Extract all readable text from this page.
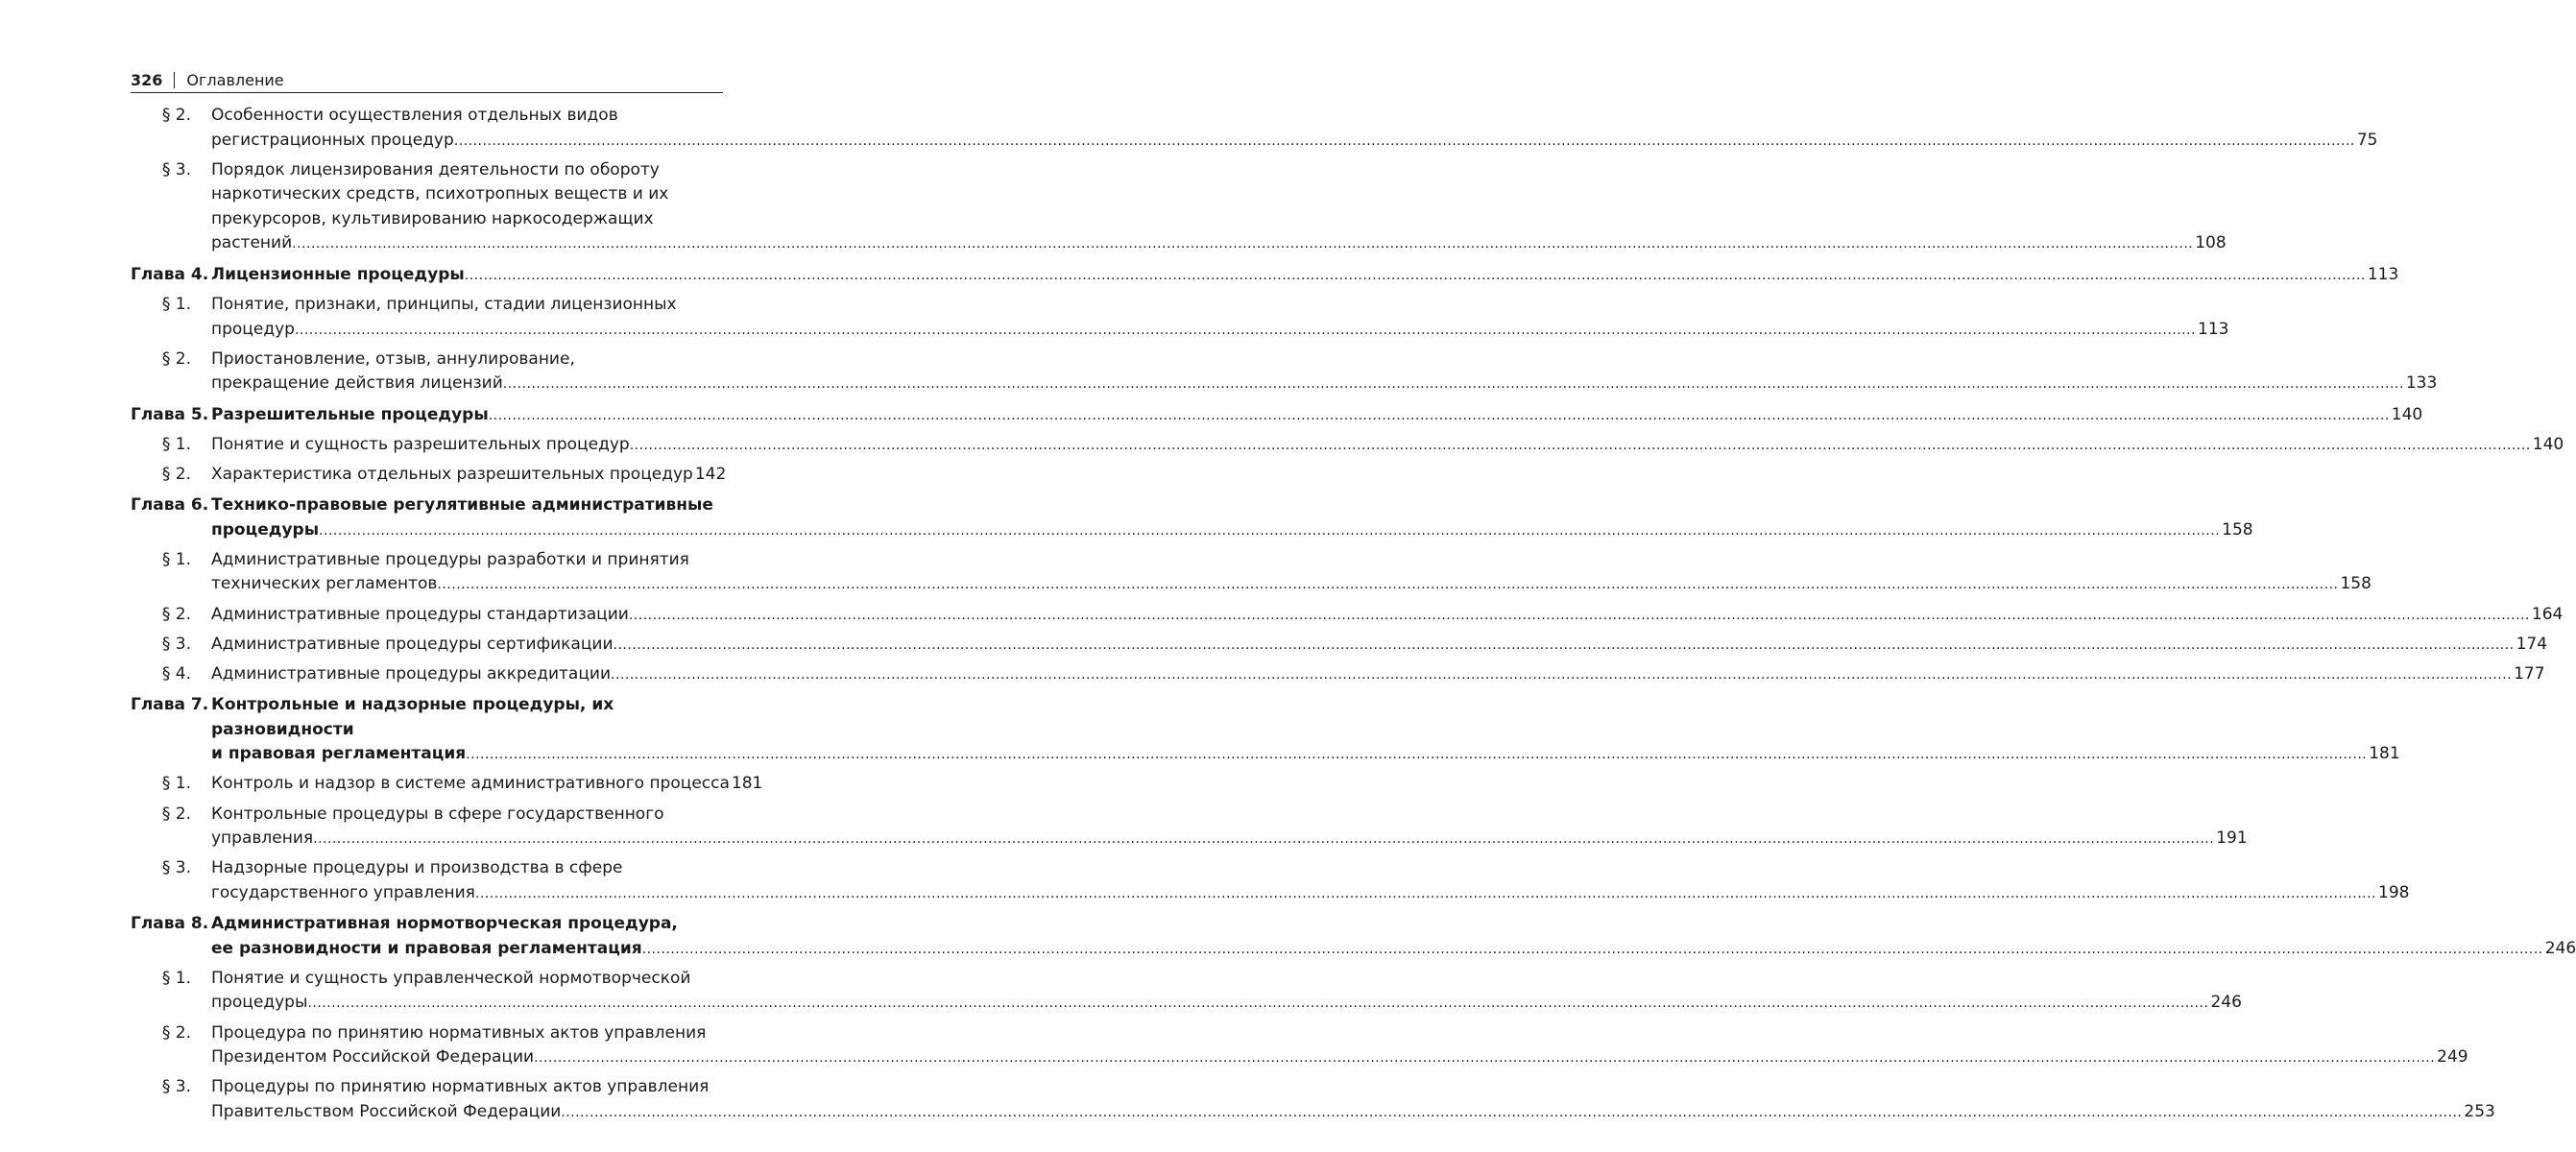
326 Оглавление
§ 2.	Особенности осуществления отдельных видов
регистрационных процедур ................................................................................................................................................................................................................................................................................................................................................................................................................ 75
§ 3.	Порядок лицензирования деятельности по обороту
наркотических средств, психотропных веществ и их
прекурсоров, культивированию наркосодержащих
растений ................................................................................................................................................................................................................................................................................................................................................................................................................ 108
Глава 4. Лицензионные процедуры ................................................................................................................................................................................................................................................................................................................................................................................................................ 113
§ 1.	Понятие, признаки, принципы, стадии лицензионных
процедур ................................................................................................................................................................................................................................................................................................................................................................................................................ 113
§ 2.	Приостановление, отзыв, аннулирование,
прекращение действия лицензий ................................................................................................................................................................................................................................................................................................................................................................................................................ 133
Глава 5. Разрешительные процедуры ................................................................................................................................................................................................................................................................................................................................................................................................................ 140
§ 1.	Понятие и сущность разрешительных процедур ................................................................................................................................................................................................................................................................................................................................................................................................................ 140
§ 2.	Характеристика отдельных разрешительных процедур 142
Глава 6. Технико-правовые регулятивные административные
процедуры ................................................................................................................................................................................................................................................................................................................................................................................................................ 158
§ 1.	Административные процедуры разработки и принятия
технических регламентов ................................................................................................................................................................................................................................................................................................................................................................................................................ 158
§ 2.	Административные процедуры стандартизации ................................................................................................................................................................................................................................................................................................................................................................................................................ 164
§ 3.	Административные процедуры сертификации ................................................................................................................................................................................................................................................................................................................................................................................................................ 174
§ 4.	Административные процедуры аккредитации ................................................................................................................................................................................................................................................................................................................................................................................................................ 177
Глава 7. Контрольные и надзорные процедуры, их разновидности
и правовая регламентация ................................................................................................................................................................................................................................................................................................................................................................................................................ 181
§ 1.	Контроль и надзор в системе административного процесса 181
§ 2.	Контрольные процедуры в сфере государственного
управления ................................................................................................................................................................................................................................................................................................................................................................................................................ 191
§ 3.	Надзорные процедуры и производства в сфере
государственного управления ................................................................................................................................................................................................................................................................................................................................................................................................................ 198
Глава 8. Административная нормотворческая процедура,
ее разновидности и правовая регламентация ................................................................................................................................................................................................................................................................................................................................................................................................................ 246
§ 1.	Понятие и сущность управленческой нормотворческой
процедуры ................................................................................................................................................................................................................................................................................................................................................................................................................ 246
§ 2.	Процедура по принятию нормативных актов управления
Президентом Российской Федерации ................................................................................................................................................................................................................................................................................................................................................................................................................ 249
§ 3.	Процедуры по принятию нормативных актов управления
Правительством Российской Федерации ................................................................................................................................................................................................................................................................................................................................................................................................................ 253
